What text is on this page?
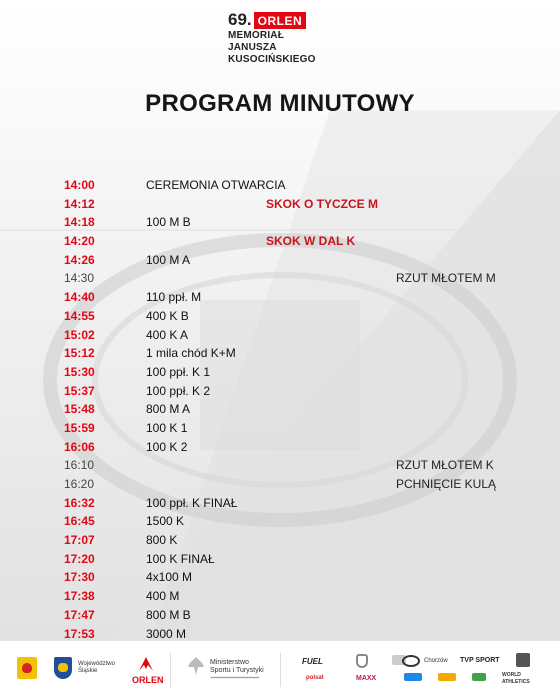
69. ORLEN
MEMORIAŁ
JANUSZA
KUSOCIŃSKIEGO
PROGRAM MINUTOWY
14:00	CEREMONIA OTWARCIA
14:12	SKOK O TYCZCE M
14:18	100 M B
14:20	SKOK W DAL K
14:26	100 M A
14:30	RZUT MŁOTEM M
14:40	110 ppł. M
14:55	400 K B
15:02	400 K A
15:12	1 mila chód K+M
15:30	100 ppł. K 1
15:37	100 ppł. K 2
15:48	800 M A
15:59	100 K 1
16:06	100 K 2
16:10	RZUT MŁOTEM K
16:20	PCHNIĘCIE KULĄ
16:32	100 ppł. K FINAŁ
16:45	1500 K
17:07	800 K
17:20	100 K FINAŁ
17:30	4x100 M
17:38	400 M
17:47	800 M B
17:53	3000 M
Województwo Śląskie
ORLEN
Ministerstwo
Sportu i Turystyki
FUEL
polsat	MAXX
Chorzów TVP SPORT
WORLD ATHLETICS
